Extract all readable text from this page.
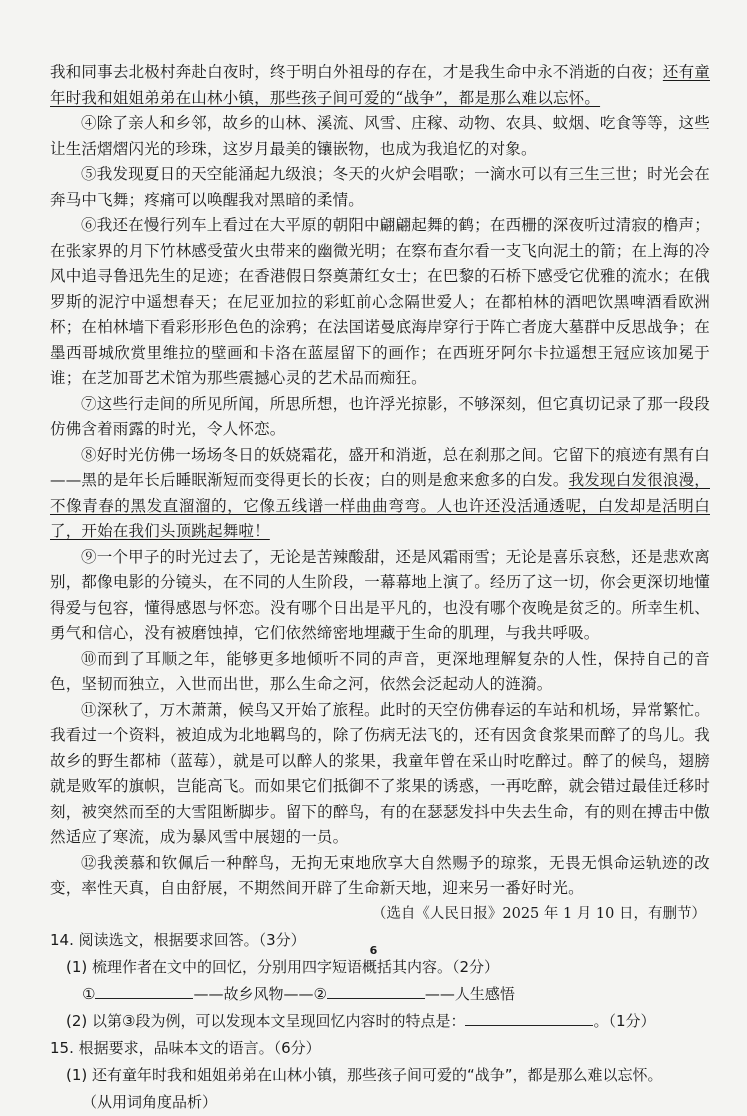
我和同事去北极村奔赴白夜时，终于明白外祖母的存在，才是我生命中永不消逝的白夜；还有童年时我和姐姐弟弟在山林小镇，那些孩子间可爱的“战争”，都是那么难以忘怀。

④除了亲人和乡邻，故乡的山林、溪流、风雪、庄稼、动物、农具、蚊烟、吃食等等，这些让生活熠熠闪光的珍珠，这岁月最美的镶嵌物，也成为我追忆的对象。

⑤我发现夏日的天空能涌起九级浪；冬天的火炉会唱歌；一滴水可以有三生三世；时光会在奔马中飞舞；疼痛可以唤醒我对黑暗的柔情。

⑥我还在慢行列车上看过在大平原的朝阳中翩翩起舞的鹤；在西栅的深夜听过清寂的橹声；在张家界的月下竹林感受萤火虫带来的幽微光明；在察布查尔看一支飞向泥土的箭；在上海的冷风中追寻鲁迅先生的足迹；在香港假日祭奠萧红女士；在巴黎的石桥下感受它优雅的流水；在俄罗斯的泥泞中遥想春天；在尼亚加拉的彩虹前心念隔世爱人；在都柏林的酒吧饮黑啤酒看欧洲杯；在柏林墙下看彩形形色色的涂鸦；在法国诺曼底海岸穿行于阵亡者庞大墓群中反思战争；在墨西哥城欣赏里维拉的壁画和卡洛在蓝屋留下的画作；在西班牙阿尔卡拉遥想王冠应该加冕于谁；在芝加哥艺术馆为那些震撼心灵的艺术品而痴狂。

⑦这些行走间的所见所闻，所思所想，也许浮光掠影，不够深刻，但它真切记录了那一段段仿佛含着雨露的时光，令人怀恋。

⑧好时光仿佛一场场冬日的妖娆霜花，盛开和消逝，总在刹那之间。它留下的痕迹有黑有白——黑的是年长后睡眠渐短而变得更长的长夜；白的则是愈来愈多的白发。我发现白发很浪漫，不像青春的黑发直溜溜的，它像五线谱一样曲曲弯弯。人也许还没活通透呢，白发却是活明白了，开始在我们头顶跳起舞啦！

⑨一个甲子的时光过去了，无论是苦辣酸甜，还是风霜雨雪；无论是喜乐哀愁，还是悲欢离别，都像电影的分镜头，在不同的人生阶段，一幕幕地上演了。经历了这一切，你会更深切地懂得爱与包容，懂得感恩与怀恋。没有哪个日出是平凡的，也没有哪个夜晚是贫乏的。所幸生机、勇气和信心，没有被磨蚀掉，它们依然缔密地埋藏于生命的肌理，与我共呼吸。

⑩而到了耳顺之年，能够更多地倾听不同的声音，更深地理解复杂的人性，保持自己的音色，坚韧而独立，入世而出世，那么生命之河，依然会泛起动人的涟漪。

⑪深秋了，万木萧萧，候鸟又开始了旅程。此时的天空仿佛春运的车站和机场，异常繁忙。我看过一个资料，被迫成为北地羁鸟的，除了伤病无法飞的，还有因贪食浆果而醉了的鸟儿。我故乡的野生都柿（蓝莓），就是可以醉人的浆果，我童年曾在采山时吃醉过。醉了的候鸟，翅膀就是败军的旗帜，岂能高飞。而如果它们抵御不了浆果的诱惑，一再吃醉，就会错过最佳迁移时刻，被突然而至的大雪阻断脚步。留下的醉鸟，有的在瑟瑟发抖中失去生命，有的则在搏击中傲然适应了寒流，成为暴风雪中展翅的一员。

⑫我羡慕和钦佩后一种醉鸟，无拘无束地欣享大自然赐予的琼浆，无畏无惧命运轨迹的改变，率性天真，自由舒展，不期然间开辟了生命新天地，迎来另一番好时光。

（选自《人民日报》2025 年 1 月 10 日，有删节）

14. 阅读选文，根据要求回答。（3分）

(1) 梳理作者在文中的回忆，分别用四字短语概括其内容。（2分）

①	——故乡风物——②	——人生感悟

(2) 以第③段为例，可以发现本文呈现回忆内容时的特点是：	。（1分）

15. 根据要求，品味本文的语言。（6分）

(1) 还有童年时我和姐姐弟弟在山林小镇，那些孩子间可爱的“战争”，都是那么难以忘怀。

（从用词角度品析）

6
